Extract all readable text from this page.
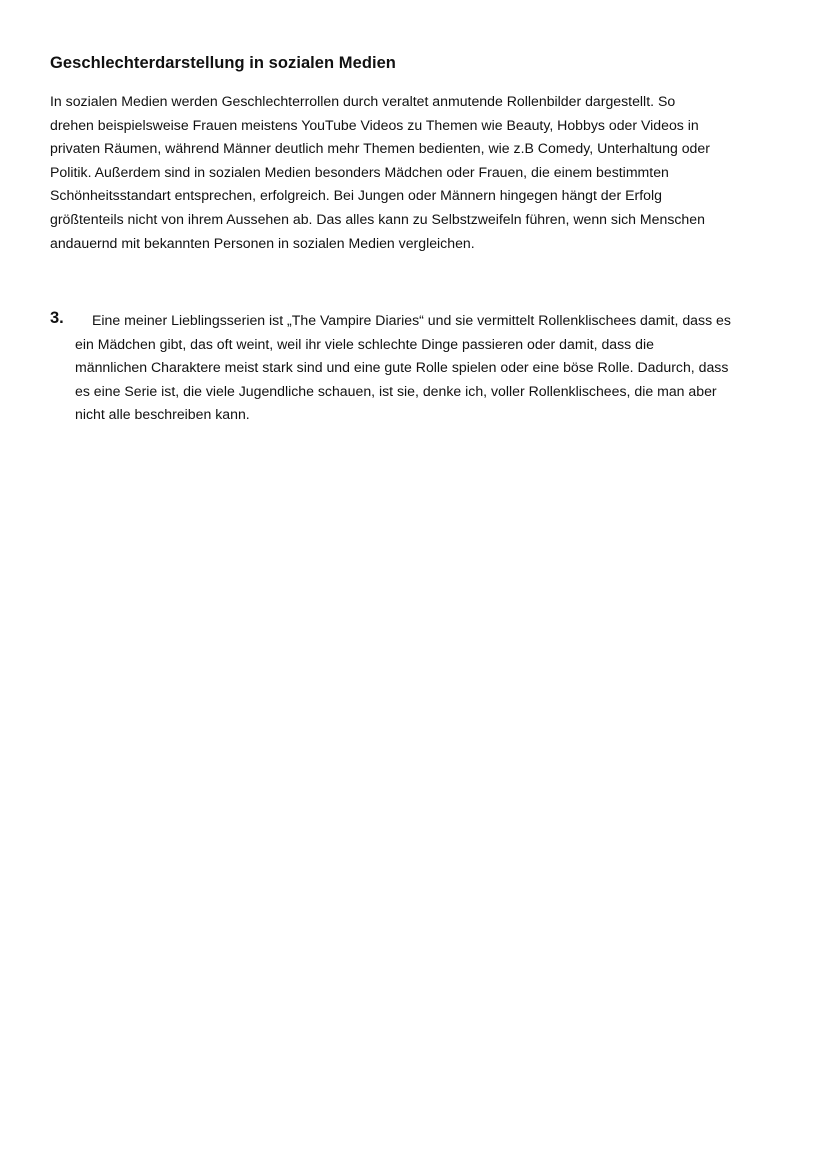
Geschlechterdarstellung in sozialen Medien

In sozialen Medien werden Geschlechterrollen durch veraltet anmutende Rollenbilder dargestellt. So
drehen beispielsweise Frauen meistens YouTube Videos zu Themen wie Beauty, Hobbys oder Videos in
privaten Räumen, während Männer deutlich mehr Themen bedienten, wie z.B Comedy, Unterhaltung oder
Politik. Außerdem sind in sozialen Medien besonders Mädchen oder Frauen, die einem bestimmten
Schönheitsstandart entsprechen, erfolgreich. Bei Jungen oder Männern hingegen hängt der Erfolg
größtenteils nicht von ihrem Aussehen ab. Das alles kann zu Selbstzweifeln führen, wenn sich Menschen
andauernd mit bekannten Personen in sozialen Medien vergleichen.

3.	Eine meiner Lieblingsserien ist „The Vampire Diaries“ und sie vermittelt Rollenklischees damit, dass es
ein Mädchen gibt, das oft weint, weil ihr viele schlechte Dinge passieren oder damit, dass die
männlichen Charaktere meist stark sind und eine gute Rolle spielen oder eine böse Rolle. Dadurch, dass
es eine Serie ist, die viele Jugendliche schauen, ist sie, denke ich, voller Rollenklischees, die man aber
nicht alle beschreiben kann.
